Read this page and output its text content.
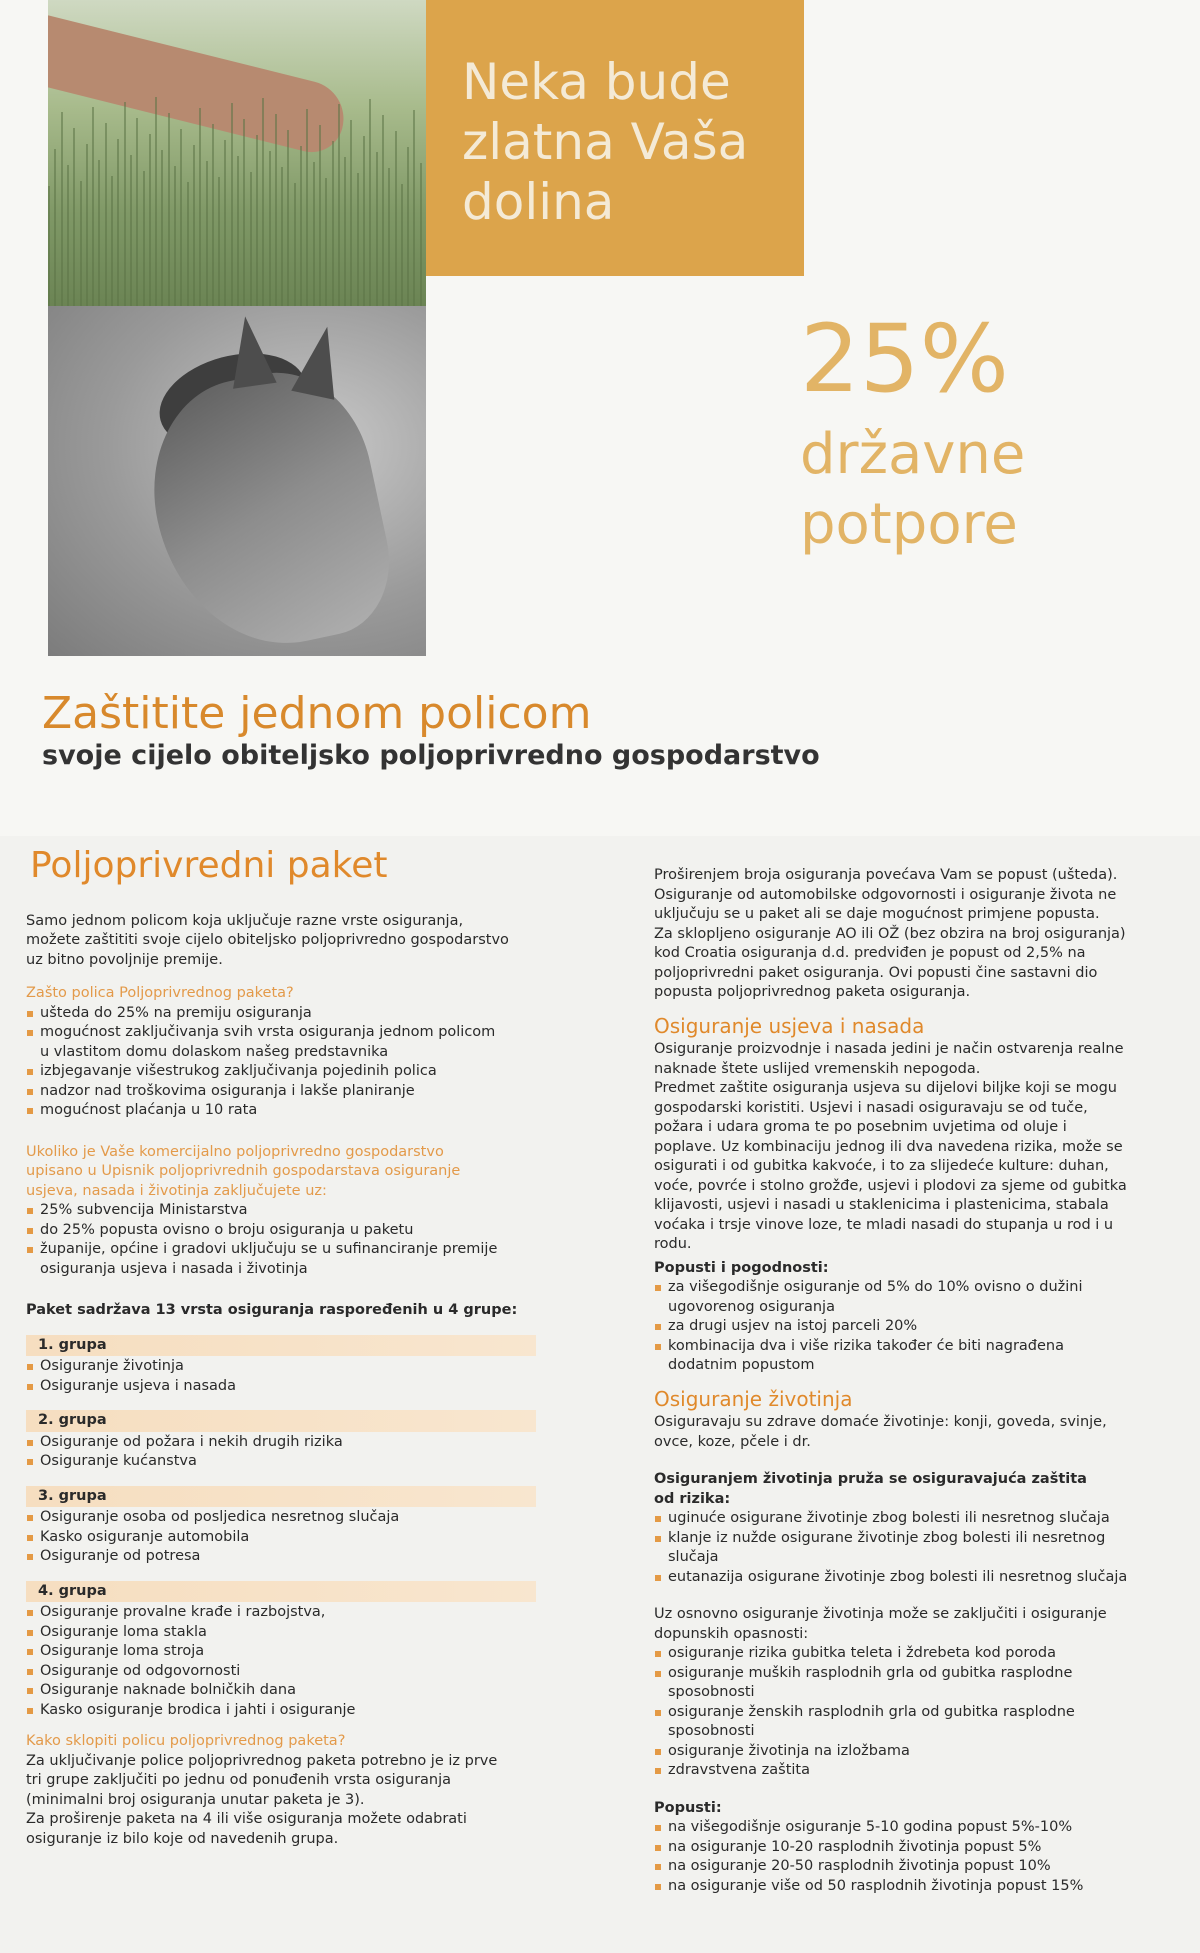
Neka bude
zlatna Vaša
dolina
25%
državne
potpore
Zaštitite jednom policom
svoje cijelo obiteljsko poljoprivredno gospodarstvo
Poljoprivredni paket
Samo jednom policom koja uključuje razne vrste osiguranja,
možete zaštititi svoje cijelo obiteljsko poljoprivredno gospodarstvo
uz bitno povoljnije premije.
Zašto polica Poljoprivrednog paketa?
ušteda do 25% na premiju osiguranja
mogućnost zaključivanja svih vrsta osiguranja jednom policom
u vlastitom domu dolaskom našeg predstavnika
izbjegavanje višestrukog zaključivanja pojedinih polica
nadzor nad troškovima osiguranja i lakše planiranje
mogućnost plaćanja u 10 rata
Ukoliko je Vaše komercijalno poljoprivredno gospodarstvo
upisano u Upisnik poljoprivrednih gospodarstava osiguranje
usjeva, nasada i životinja zaključujete uz:
25% subvencija Ministarstva
do 25% popusta ovisno o broju osiguranja u paketu
županije, općine i gradovi uključuju se u sufinanciranje premije
osiguranja usjeva i nasada i životinja
Paket sadržava 13 vrsta osiguranja raspoređenih u 4 grupe:
1. grupa
Osiguranje životinja
Osiguranje usjeva i nasada
2. grupa
Osiguranje od požara i nekih drugih rizika
Osiguranje kućanstva
3. grupa
Osiguranje osoba od posljedica nesretnog slučaja
Kasko osiguranje automobila
Osiguranje od potresa
4. grupa
Osiguranje provalne krađe i razbojstva,
Osiguranje loma stakla
Osiguranje loma stroja
Osiguranje od odgovornosti
Osiguranje naknade bolničkih dana
Kasko osiguranje brodica i jahti i osiguranje
Kako sklopiti policu poljoprivrednog paketa?
Za uključivanje police poljoprivrednog paketa potrebno je iz prve
tri grupe zaključiti po jednu od ponuđenih vrsta osiguranja
(minimalni broj osiguranja unutar paketa je 3).
Za proširenje paketa na 4 ili više osiguranja možete odabrati
osiguranje iz bilo koje od navedenih grupa.
Proširenjem broja osiguranja povećava Vam se popust (ušteda).
Osiguranje od automobilske odgovornosti i osiguranje života ne
uključuju se u paket ali se daje mogućnost primjene popusta.
Za sklopljeno osiguranje AO ili OŽ (bez obzira na broj osiguranja)
kod Croatia osiguranja d.d. predviđen je popust od 2,5% na
poljoprivredni paket osiguranja. Ovi popusti čine sastavni dio
popusta poljoprivrednog paketa osiguranja.
Osiguranje usjeva i nasada
Osiguranje proizvodnje i nasada jedini je način ostvarenja realne
naknade štete uslijed vremenskih nepogoda.
Predmet zaštite osiguranja usjeva su dijelovi biljke koji se mogu
gospodarski koristiti. Usjevi i nasadi osiguravaju se od tuče,
požara i udara groma te po posebnim uvjetima od oluje i
poplave. Uz kombinaciju jednog ili dva navedena rizika, može se
osigurati i od gubitka kakvoće, i to za slijedeće kulture: duhan,
voće, povrće i stolno grožđe, usjevi i plodovi za sjeme od gubitka
klijavosti, usjevi i nasadi u staklenicima i plastenicima, stabala
voćaka i trsje vinove loze, te mladi nasadi do stupanja u rod i u
rodu.
Popusti i pogodnosti:
za višegodišnje osiguranje od 5% do 10% ovisno o dužini
ugovorenog osiguranja
za drugi usjev na istoj parceli 20%
kombinacija dva i više rizika također će biti nagrađena
dodatnim popustom
Osiguranje životinja
Osiguravaju su zdrave domaće životinje: konji, goveda, svinje,
ovce, koze, pčele i dr.
Osiguranjem životinja pruža se osiguravajuća zaštita
od rizika:
uginuće osigurane životinje zbog bolesti ili nesretnog slučaja
klanje iz nužde osigurane životinje zbog bolesti ili nesretnog
slučaja
eutanazija osigurane životinje zbog bolesti ili nesretnog slučaja
Uz osnovno osiguranje životinja može se zaključiti i osiguranje
dopunskih opasnosti:
osiguranje rizika gubitka teleta i ždrebeta kod poroda
osiguranje muških rasplodnih grla od gubitka rasplodne
sposobnosti
osiguranje ženskih rasplodnih grla od gubitka rasplodne
sposobnosti
osiguranje životinja na izložbama
zdravstvena zaštita
Popusti:
na višegodišnje osiguranje 5-10 godina popust 5%-10%
na osiguranje 10-20 rasplodnih životinja popust 5%
na osiguranje 20-50 rasplodnih životinja popust 10%
na osiguranje više od 50 rasplodnih životinja popust 15%
